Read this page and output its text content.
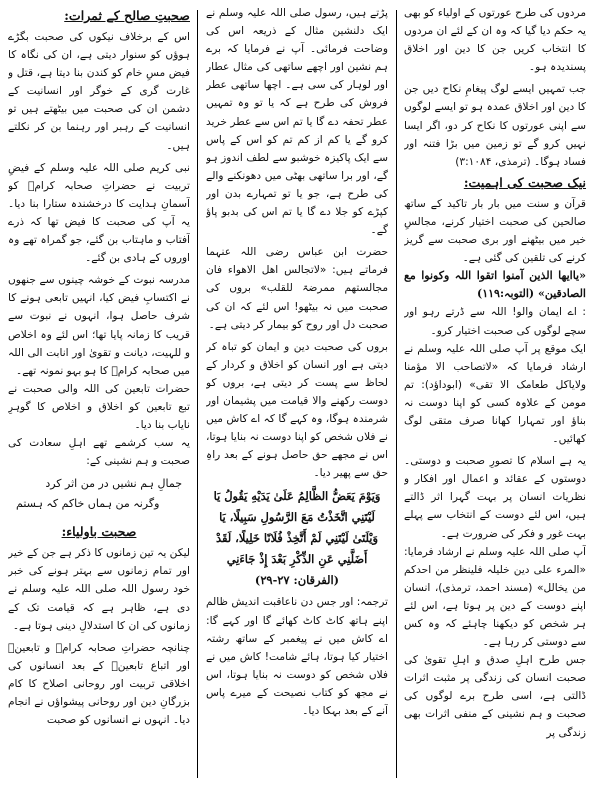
مردوں کی طرح عورتوں کے اولیاء کو بھی یہ حکم دیا گیا کہ وہ ان کے لئے ان مردوں کا انتخاب کریں جن کا دین اور اخلاق پسندیدہ ہو۔

جب تمہیں ایسے لوگ پیغامِ نکاح دیں جن کا دین اور اخلاق عمدہ ہو تو ایسے لوگوں سے اپنی عورتوں کا نکاح کر دو، اگر ایسا نہیں کرو گے تو زمین میں بڑا فتنہ اور فساد ہوگا۔ (ترمذی، ۳:۱۰۸۴)

نیک صحبت کی اہمیت:

قرآن و سنت میں بار بار تاکید کے ساتھ صالحین کی صحبت اختیار کرنے، مجالسِ خیر میں بیٹھنے اور بری صحبت سے گریز کرنے کی تلقین کی گئی ہے۔

«یاایھا الذین آمنوا اتقوا اللہ وکونوا مع الصادقین» (التوبہ:۱۱۹)

: اے ایمان والو! اللہ سے ڈرتے رہو اور سچے لوگوں کی صحبت اختیار کرو۔

ایک موقع پر آپ صلی اللہ علیہ وسلم نے ارشاد فرمایا کہ «لاتصاحب الا مؤمنا ولایاکل طعامک الا تقی» (ابوداؤد): تم مومن کے علاوہ کسی کو اپنا دوست نہ بناؤ اور تمہارا کھانا صرف متقی لوگ کھائیں۔

یہ ہے اسلام کا تصورِ صحبت و دوستی۔ دوستوں کے عقائد و اعمال اور افکار و نظریات انسان پر بہت گہرا اثر ڈالتے ہیں، اس لئے دوست کے انتخاب سے پہلے بہت غور و فکر کی ضرورت ہے۔

آپ صلی اللہ علیہ وسلم نے ارشاد فرمایا: «المرء علی دین خلیلہ فلینظر من احدکم من یخالل» (مسند احمد، ترمذی)، انسان اپنے دوست کے دین پر ہوتا ہے، اس لئے ہر شخص کو دیکھنا چاہئے کہ وہ کس سے دوستی کر رہا ہے۔

جس طرح اہلِ صدق و اہلِ تقویٰ کی صحبت انسان کی زندگی پر مثبت اثرات ڈالتی ہے، اسی طرح برے لوگوں کی صحبت و ہم نشینی کے منفی اثرات بھی زندگی پر

پڑتے ہیں، رسول صلی اللہ علیہ وسلم نے ایک دلنشین مثال کے ذریعہ اس کی وضاحت فرمائی۔ آپ نے فرمایا کہ برے ہم نشین اور اچھے ساتھی کی مثال عطار اور لوہار کی سی ہے۔ اچھا ساتھی عطر فروش کی طرح ہے کہ یا تو وہ تمہیں عطر تحفہ دے گا یا تم اس سے عطر خرید کرو گے یا کم از کم تم کو اس کے پاس سے ایک پاکیزہ خوشبو سے لطف اندوز ہو گے، اور برا ساتھی بھٹی میں دھونکنے والے کی طرح ہے، جو یا تو تمہارے بدن اور کپڑے کو جلا دے گا یا تم اس کی بدبو پاؤ گے۔

حضرت ابن عباس رضی اللہ عنہما فرماتے ہیں: «لاتجالس اھل الاھواء فان مجالستھم ممرضۃ للقلب» بروں کی صحبت میں نہ بیٹھو! اس لئے کہ ان کی صحبت دل اور روح کو بیمار کر دیتی ہے۔

بروں کی صحبت دین و ایمان کو تباہ کر دیتی ہے اور انسان کو اخلاق و کردار کے لحاظ سے پست کر دیتی ہے، بروں کو دوست رکھنے والا قیامت میں پشیمان اور شرمندہ ہوگا، وہ کہے گا کہ اے کاش میں نے فلاں شخص کو اپنا دوست نہ بنایا ہوتا، اس نے مجھے حق حاصل ہونے کے بعد راہِ حق سے پھیر دیا۔

وَيَوْمَ يَعَضُّ الظَّالِمُ عَلَىٰ يَدَيْهِ يَقُولُ يَا لَيْتَنِي اتَّخَذْتُ مَعَ الرَّسُولِ سَبِيلًا، يَا وَيْلَتَىٰ لَيْتَنِي لَمْ أَتَّخِذْ فُلَانًا خَلِيلًا، لَقَدْ أَضَلَّنِي عَنِ الذِّكْرِ بَعْدَ إِذْ جَاءَنِي (الفرقان: ۲۷-۲۹)

ترجمہ: اور جس دن ناعاقبت اندیش ظالم اپنے ہاتھ کاٹ کاٹ کھائے گا اور کہے گا: اے کاش میں نے پیغمبر کے ساتھ رشتہ اختیار کیا ہوتا، ہائے شامت! کاش میں نے فلاں شخص کو دوست نہ بنایا ہوتا، اس نے مجھ کو کتاب نصیحت کے میرے پاس آنے کے بعد بہکا دیا۔

صحبتِ صالح کے ثمرات:

اس کے برخلاف نیکوں کی صحبت بگڑے ہوؤں کو سنوار دیتی ہے، ان کی نگاہ کا فیض مسِ خام کو کندن بنا دیتا ہے، قتل و غارت گری کے خوگر اور انسانیت کے دشمن ان کی صحبت میں بیٹھتے ہیں تو انسانیت کے رہبر اور رہنما بن کر نکلتے ہیں۔

نبی کریم صلی اللہ علیہ وسلم کے فیضِ تربیت نے حضراتِ صحابہ کرامؓ کو آسمانِ ہدایت کا درخشندہ ستارا بنا دیا۔ یہ آپ کی صحبت کا فیض تھا کہ ذرے آفتاب و ماہتاب بن گئے، جو گمراہ تھے وہ اوروں کے ہادی بن گئے۔

مدرسہ نبوت کے خوشہ چینوں سے جنھوں نے اکتسابِ فیض کیا، انہیں تابعی ہونے کا شرف حاصل ہوا، انہوں نے نبوت سے قریب کا زمانہ پایا تھا؛ اس لئے وہ اخلاص و للہیت، دیانت و تقویٰ اور انابت الی اللہ میں صحابہ کرامؓ کا ہو بہو نمونہ تھے۔

حضرات تابعین کی اللہ والی صحبت نے تبع تابعین کو اخلاق و اخلاص کا گوہرِ نایاب بنا دیا۔

یہ سب کرشمے تھے اہلِ سعادت کی صحبت و ہم نشینی کے:

جمالِ ہم نشیں در من اثر کرد
وگرنہ من ہماں خاکم کہ ہستم
صحبت باولیاء:

لیکن یہ تین زمانوں کا ذکر ہے جن کے خیر اور تمام زمانوں سے بہتر ہونے کی خبر خود رسول اللہ صلی اللہ علیہ وسلم نے دی ہے، ظاہر ہے کہ قیامت تک کے زمانوں کی ان کا استدلالِ دینی ہوتا ہے۔

چنانچہ حضراتِ صحابہ کرامؓ و تابعینؒ اور اتباع تابعینؒ کے بعد انسانوں کی اخلاقی تربیت اور روحانی اصلاح کا کام بزرگانِ دین اور روحانی پیشواؤں نے انجام دیا۔ انہوں نے انسانوں کو صحبت
